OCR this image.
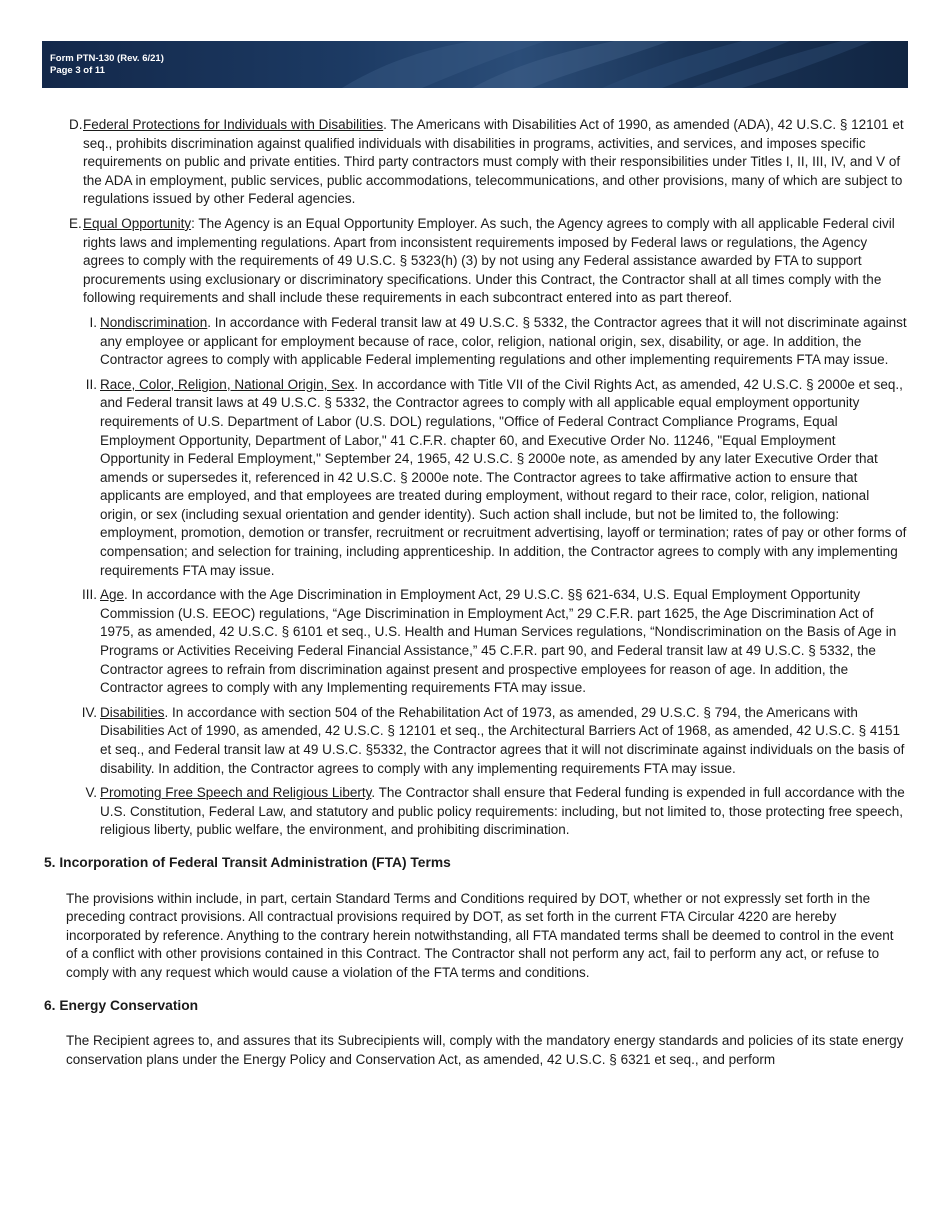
Form PTN-130 (Rev. 6/21)
Page 3 of 11
D. Federal Protections for Individuals with Disabilities. The Americans with Disabilities Act of 1990, as amended (ADA), 42 U.S.C. § 12101 et seq., prohibits discrimination against qualified individuals with disabilities in programs, activities, and services, and imposes specific requirements on public and private entities. Third party contractors must comply with their responsibilities under Titles I, II, III, IV, and V of the ADA in employment, public services, public accommodations, telecommunications, and other provisions, many of which are subject to regulations issued by other Federal agencies.

E. Equal Opportunity: The Agency is an Equal Opportunity Employer. As such, the Agency agrees to comply with all applicable Federal civil rights laws and implementing regulations. Apart from inconsistent requirements imposed by Federal laws or regulations, the Agency agrees to comply with the requirements of 49 U.S.C. § 5323(h) (3) by not using any Federal assistance awarded by FTA to support procurements using exclusionary or discriminatory specifications. Under this Contract, the Contractor shall at all times comply with the following requirements and shall include these requirements in each subcontract entered into as part thereof.

I. Nondiscrimination. In accordance with Federal transit law at 49 U.S.C. § 5332, the Contractor agrees that it will not discriminate against any employee or applicant for employment because of race, color, religion, national origin, sex, disability, or age. In addition, the Contractor agrees to comply with applicable Federal implementing regulations and other implementing requirements FTA may issue.

II. Race, Color, Religion, National Origin, Sex. In accordance with Title VII of the Civil Rights Act, as amended, 42 U.S.C. § 2000e et seq., and Federal transit laws at 49 U.S.C. § 5332, the Contractor agrees to comply with all applicable equal employment opportunity requirements of U.S. Department of Labor (U.S. DOL) regulations, "Office of Federal Contract Compliance Programs, Equal Employment Opportunity, Department of Labor," 41 C.F.R. chapter 60, and Executive Order No. 11246, "Equal Employment Opportunity in Federal Employment," September 24, 1965, 42 U.S.C. § 2000e note, as amended by any later Executive Order that amends or supersedes it, referenced in 42 U.S.C. § 2000e note. The Contractor agrees to take affirmative action to ensure that applicants are employed, and that employees are treated during employment, without regard to their race, color, religion, national origin, or sex (including sexual orientation and gender identity). Such action shall include, but not be limited to, the following: employment, promotion, demotion or transfer, recruitment or recruitment advertising, layoff or termination; rates of pay or other forms of compensation; and selection for training, including apprenticeship. In addition, the Contractor agrees to comply with any implementing requirements FTA may issue.

III. Age. In accordance with the Age Discrimination in Employment Act, 29 U.S.C. §§ 621-634, U.S. Equal Employment Opportunity Commission (U.S. EEOC) regulations, “Age Discrimination in Employment Act,” 29 C.F.R. part 1625, the Age Discrimination Act of 1975, as amended, 42 U.S.C. § 6101 et seq., U.S. Health and Human Services regulations, “Nondiscrimination on the Basis of Age in Programs or Activities Receiving Federal Financial Assistance,” 45 C.F.R. part 90, and Federal transit law at 49 U.S.C. § 5332, the Contractor agrees to refrain from discrimination against present and prospective employees for reason of age. In addition, the Contractor agrees to comply with any Implementing requirements FTA may issue.

IV. Disabilities. In accordance with section 504 of the Rehabilitation Act of 1973, as amended, 29 U.S.C. § 794, the Americans with Disabilities Act of 1990, as amended, 42 U.S.C. § 12101 et seq., the Architectural Barriers Act of 1968, as amended, 42 U.S.C. § 4151 et seq., and Federal transit law at 49 U.S.C. §5332, the Contractor agrees that it will not discriminate against individuals on the basis of disability. In addition, the Contractor agrees to comply with any implementing requirements FTA may issue.

V. Promoting Free Speech and Religious Liberty. The Contractor shall ensure that Federal funding is expended in full accordance with the U.S. Constitution, Federal Law, and statutory and public policy requirements: including, but not limited to, those protecting free speech, religious liberty, public welfare, the environment, and prohibiting discrimination.

5. Incorporation of Federal Transit Administration (FTA) Terms
The provisions within include, in part, certain Standard Terms and Conditions required by DOT, whether or not expressly set forth in the preceding contract provisions. All contractual provisions required by DOT, as set forth in the current FTA Circular 4220 are hereby incorporated by reference. Anything to the contrary herein notwithstanding, all FTA mandated terms shall be deemed to control in the event of a conflict with other provisions contained in this Contract. The Contractor shall not perform any act, fail to perform any act, or refuse to comply with any request which would cause a violation of the FTA terms and conditions.
6. Energy Conservation
The Recipient agrees to, and assures that its Subrecipients will, comply with the mandatory energy standards and policies of its state energy conservation plans under the Energy Policy and Conservation Act, as amended, 42 U.S.C. § 6321 et seq., and perform
